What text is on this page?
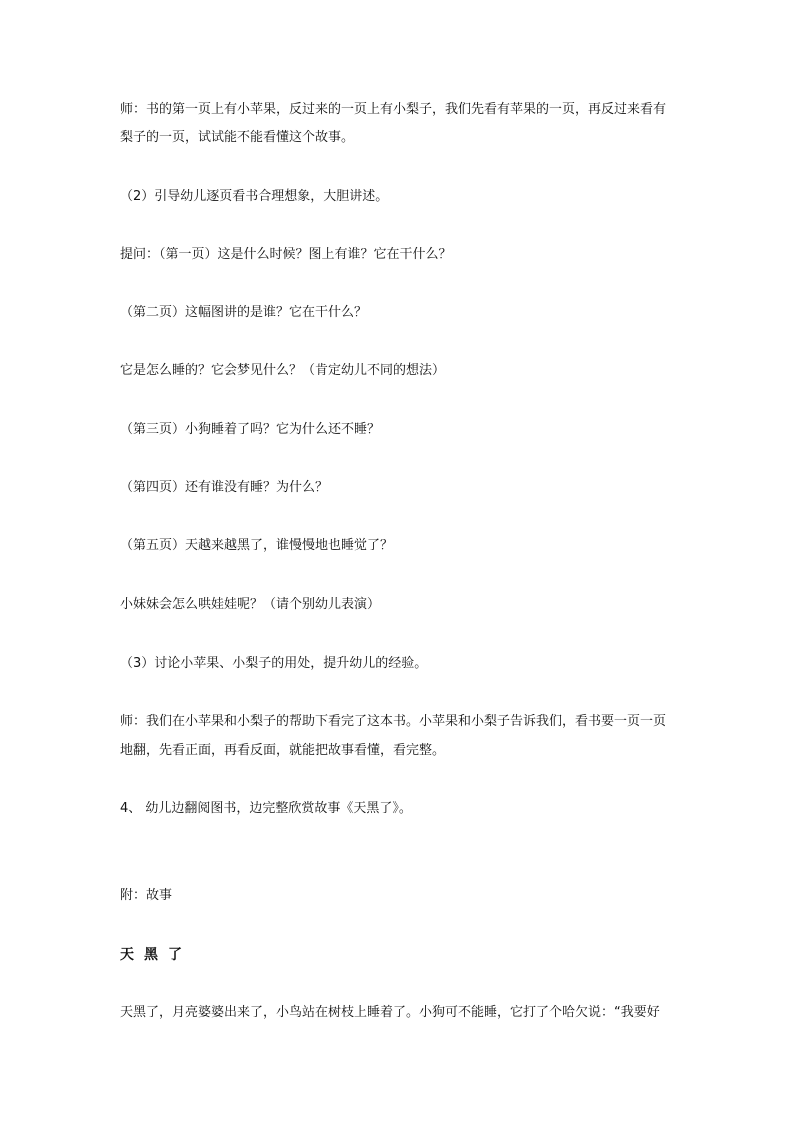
师：书的第一页上有小苹果，反过来的一页上有小梨子，我们先看有苹果的一页，再反过来看有
梨子的一页，试试能不能看懂这个故事。
（2）引导幼儿逐页看书合理想象，大胆讲述。
提问：（第一页）这是什么时候？图上有谁？它在干什么？
（第二页）这幅图讲的是谁？它在干什么？
它是怎么睡的？它会梦见什么？（肯定幼儿不同的想法）
（第三页）小狗睡着了吗？它为什么还不睡？
（第四页）还有谁没有睡？为什么？
（第五页）天越来越黑了，谁慢慢地也睡觉了？
小妹妹会怎么哄娃娃呢？（请个别幼儿表演）
（3）讨论小苹果、小梨子的用处，提升幼儿的经验。
师：我们在小苹果和小梨子的帮助下看完了这本书。小苹果和小梨子告诉我们，看书要一页一页
地翻，先看正面，再看反面，就能把故事看懂，看完整。
4、 幼儿边翻阅图书，边完整欣赏故事《天黑了》。
附：故事
天黑了
天黑了，月亮婆婆出来了，小鸟站在树枝上睡着了。小狗可不能睡，它打了个哈欠说：“我要好
